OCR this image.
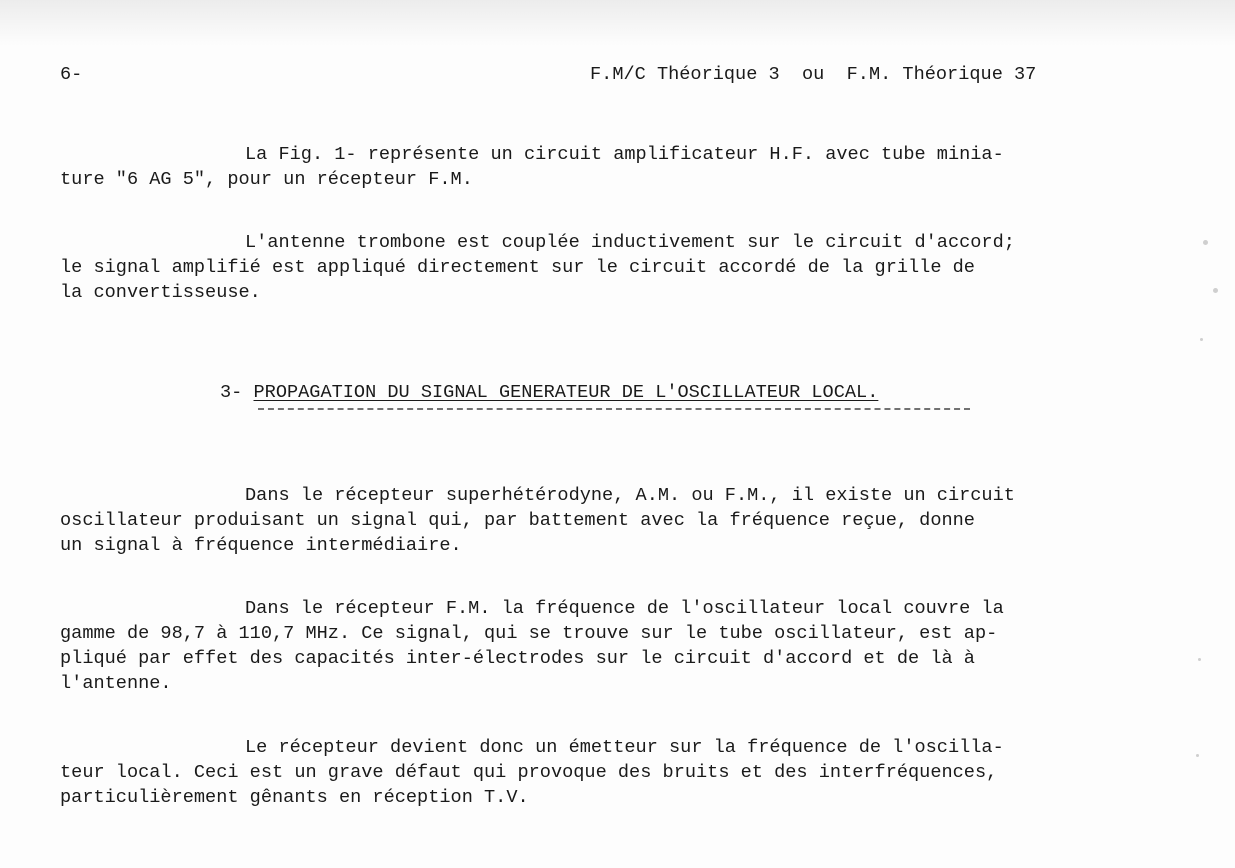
6-	F.M/C Théorique 3  ou  F.M. Théorique 37
La Fig. 1- représente un circuit amplificateur H.F. avec tube minia-
ture "6 AG 5", pour un récepteur F.M.
L'antenne trombone est couplée inductivement sur le circuit d'accord;
le signal amplifié est appliqué directement sur le circuit accordé de la grille de
la convertisseuse.
3- PROPAGATION DU SIGNAL GENERATEUR DE L'OSCILLATEUR LOCAL.
Dans le récepteur superhétérodyne, A.M. ou F.M., il existe un circuit
oscillateur produisant un signal qui, par battement avec la fréquence reçue, donne
un signal à fréquence intermédiaire.
Dans le récepteur F.M. la fréquence de l'oscillateur local couvre la
gamme de 98,7 à 110,7 MHz. Ce signal, qui se trouve sur le tube oscillateur, est ap-
pliqué par effet des capacités inter-électrodes sur le circuit d'accord et de là à
l'antenne.
Le récepteur devient donc un émetteur sur la fréquence de l'oscilla-
teur local. Ceci est un grave défaut qui provoque des bruits et des interfréquences,
particulièrement gênants en réception T.V.
